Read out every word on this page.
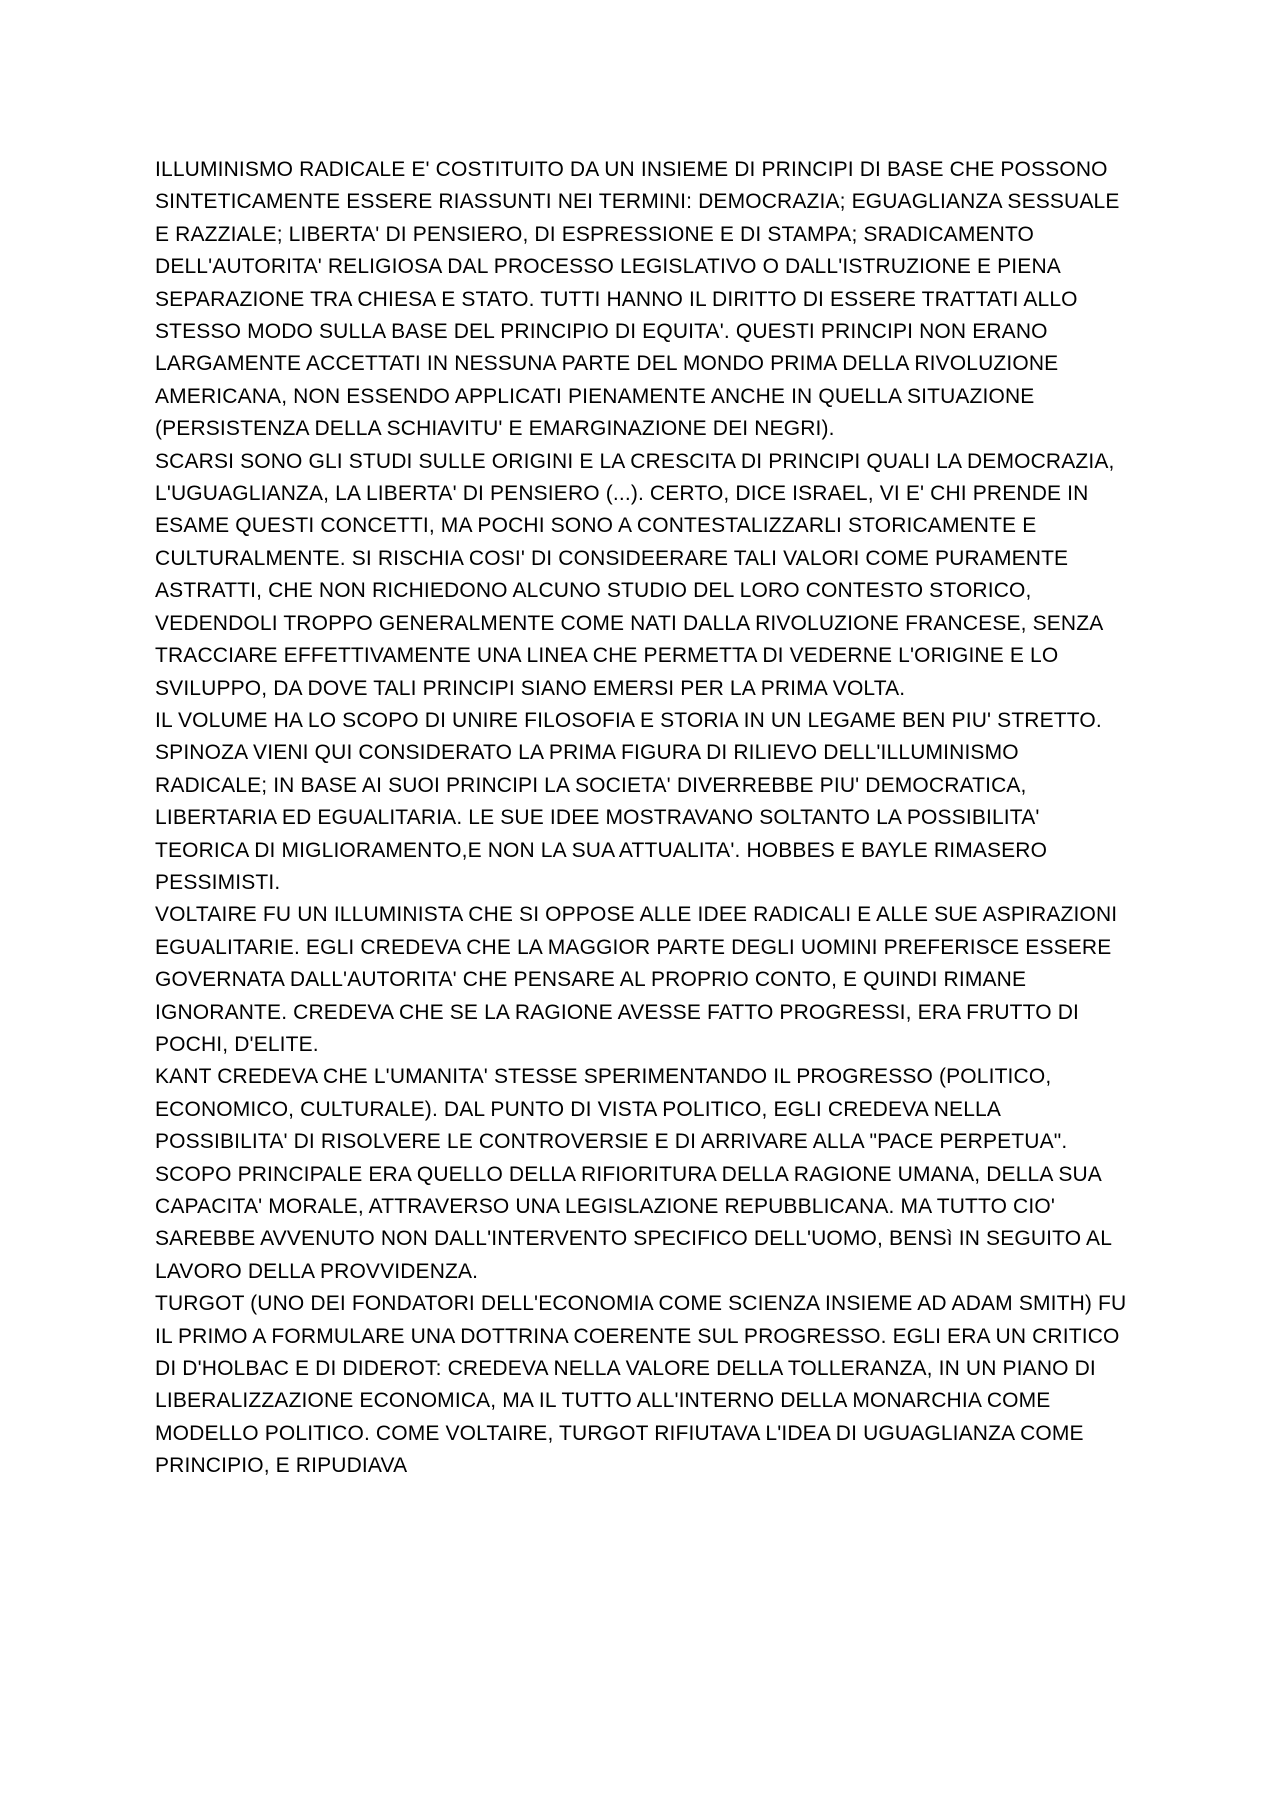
ILLUMINISMO RADICALE E' COSTITUITO DA UN INSIEME DI PRINCIPI DI BASE CHE POSSONO SINTETICAMENTE ESSERE RIASSUNTI NEI TERMINI: DEMOCRAZIA; EGUAGLIANZA SESSUALE E RAZZIALE; LIBERTA' DI PENSIERO, DI ESPRESSIONE E DI STAMPA; SRADICAMENTO DELL'AUTORITA' RELIGIOSA DAL PROCESSO LEGISLATIVO O DALL'ISTRUZIONE E PIENA SEPARAZIONE TRA CHIESA E STATO. TUTTI HANNO IL DIRITTO DI ESSERE TRATTATI ALLO STESSO MODO SULLA BASE DEL PRINCIPIO DI EQUITA'. QUESTI PRINCIPI NON ERANO LARGAMENTE ACCETTATI IN NESSUNA PARTE DEL MONDO PRIMA DELLA RIVOLUZIONE AMERICANA, NON ESSENDO APPLICATI PIENAMENTE ANCHE IN QUELLA SITUAZIONE (PERSISTENZA DELLA SCHIAVITU' E EMARGINAZIONE DEI NEGRI).

SCARSI SONO GLI STUDI SULLE ORIGINI E LA CRESCITA DI PRINCIPI QUALI LA DEMOCRAZIA, L'UGUAGLIANZA, LA LIBERTA' DI PENSIERO (...). CERTO, DICE ISRAEL, VI E' CHI PRENDE IN ESAME QUESTI CONCETTI, MA POCHI SONO A CONTESTALIZZARLI STORICAMENTE E CULTURALMENTE. SI RISCHIA COSI' DI CONSIDEERARE TALI VALORI COME PURAMENTE ASTRATTI, CHE NON RICHIEDONO ALCUNO STUDIO DEL LORO CONTESTO STORICO, VEDENDOLI TROPPO GENERALMENTE COME NATI DALLA RIVOLUZIONE FRANCESE, SENZA TRACCIARE EFFETTIVAMENTE UNA LINEA CHE PERMETTA DI VEDERNE L'ORIGINE E LO SVILUPPO, DA DOVE TALI PRINCIPI SIANO EMERSI PER LA PRIMA VOLTA.

IL VOLUME HA LO SCOPO DI UNIRE FILOSOFIA E STORIA IN UN LEGAME BEN PIU' STRETTO.

SPINOZA VIENI QUI CONSIDERATO LA PRIMA FIGURA DI RILIEVO DELL'ILLUMINISMO RADICALE; IN BASE AI SUOI PRINCIPI LA SOCIETA' DIVERREBBE PIU' DEMOCRATICA, LIBERTARIA ED EGUALITARIA. LE SUE IDEE MOSTRAVANO SOLTANTO LA POSSIBILITA' TEORICA DI MIGLIORAMENTO,E NON LA SUA ATTUALITA'. HOBBES E BAYLE RIMASERO PESSIMISTI.

VOLTAIRE FU UN ILLUMINISTA CHE SI OPPOSE ALLE IDEE RADICALI E ALLE SUE ASPIRAZIONI EGUALITARIE. EGLI CREDEVA CHE LA MAGGIOR PARTE DEGLI UOMINI PREFERISCE ESSERE GOVERNATA DALL'AUTORITA' CHE PENSARE AL PROPRIO CONTO, E QUINDI RIMANE IGNORANTE. CREDEVA CHE SE LA RAGIONE AVESSE FATTO PROGRESSI, ERA FRUTTO DI POCHI, D'ELITE.

KANT CREDEVA CHE L'UMANITA' STESSE SPERIMENTANDO IL PROGRESSO (POLITICO, ECONOMICO, CULTURALE). DAL PUNTO DI VISTA POLITICO, EGLI CREDEVA NELLA POSSIBILITA' DI RISOLVERE LE CONTROVERSIE E DI ARRIVARE ALLA "PACE PERPETUA". SCOPO PRINCIPALE ERA QUELLO DELLA RIFIORITURA DELLA RAGIONE UMANA, DELLA SUA CAPACITA' MORALE, ATTRAVERSO UNA LEGISLAZIONE REPUBBLICANA. MA TUTTO CIO' SAREBBE AVVENUTO NON DALL'INTERVENTO SPECIFICO DELL'UOMO, BENSì IN SEGUITO AL LAVORO DELLA PROVVIDENZA.

TURGOT (UNO DEI FONDATORI DELL'ECONOMIA COME SCIENZA INSIEME AD ADAM SMITH) FU IL PRIMO A FORMULARE UNA DOTTRINA COERENTE SUL PROGRESSO. EGLI ERA UN CRITICO DI D'HOLBAC E DI DIDEROT: CREDEVA NELLA VALORE DELLA TOLLERANZA, IN UN PIANO DI LIBERALIZZAZIONE ECONOMICA, MA IL TUTTO ALL'INTERNO DELLA MONARCHIA COME MODELLO POLITICO. COME VOLTAIRE, TURGOT RIFIUTAVA L'IDEA DI UGUAGLIANZA COME PRINCIPIO, E RIPUDIAVA
